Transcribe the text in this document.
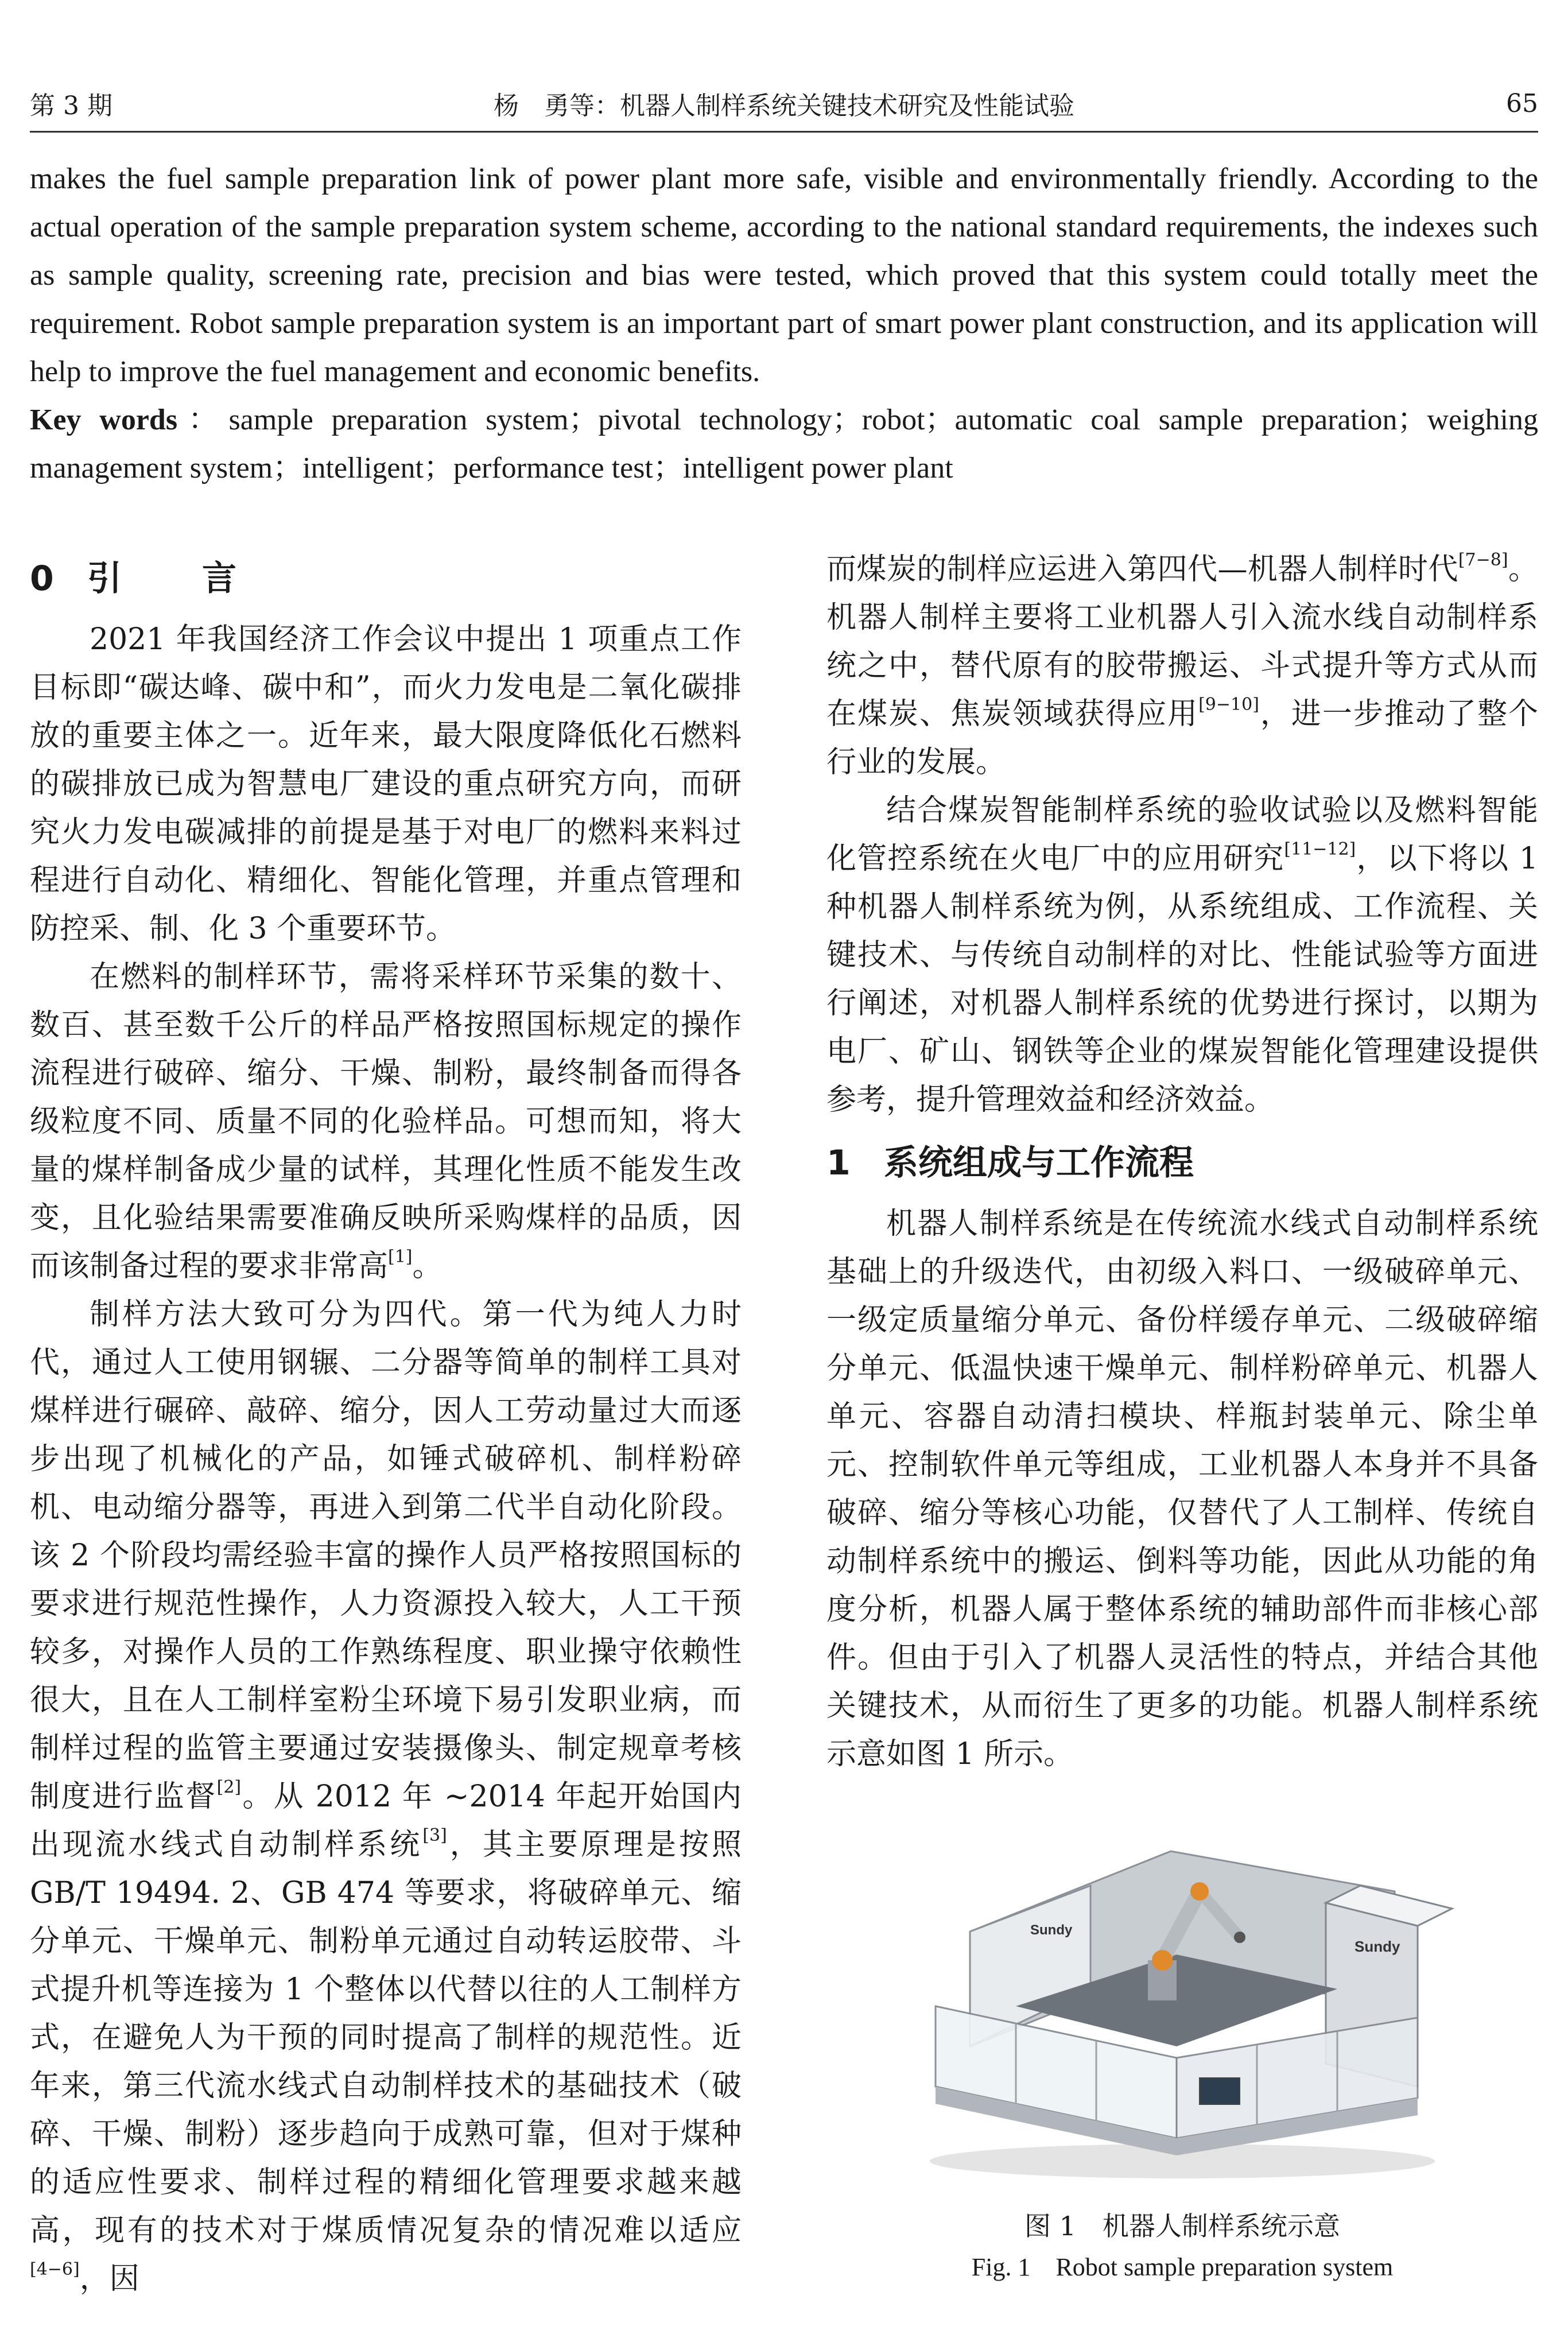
第 3 期	杨　勇等：机器人制样系统关键技术研究及性能试验	65

makes the fuel sample preparation link of power plant more safe, visible and environmentally friendly. According to the actual operation of the sample preparation system scheme, according to the national standard requirements, the indexes such as sample quality, screening rate, precision and bias were tested, which proved that this system could totally meet the requirement. Robot sample preparation system is an important part of smart power plant construction, and its application will help to improve the fuel management and economic benefits.

Key words：sample preparation system；pivotal technology；robot；automatic coal sample preparation；weighing management system；intelligent；performance test；intelligent power plant

0 引言

2021 年我国经济工作会议中提出 1 项重点工作目标即“碳达峰、碳中和”，而火力发电是二氧化碳排放的重要主体之一。近年来，最大限度降低化石燃料的碳排放已成为智慧电厂建设的重点研究方向，而研究火力发电碳减排的前提是基于对电厂的燃料来料过程进行自动化、精细化、智能化管理，并重点管理和防控采、制、化 3 个重要环节。

在燃料的制样环节，需将采样环节采集的数十、数百、甚至数千公斤的样品严格按照国标规定的操作流程进行破碎、缩分、干燥、制粉，最终制备而得各级粒度不同、质量不同的化验样品。可想而知，将大量的煤样制备成少量的试样，其理化性质不能发生改变，且化验结果需要准确反映所采购煤样的品质，因而该制备过程的要求非常高[1]。

制样方法大致可分为四代。第一代为纯人力时代，通过人工使用钢辗、二分器等简单的制样工具对煤样进行碾碎、敲碎、缩分，因人工劳动量过大而逐步出现了机械化的产品，如锤式破碎机、制样粉碎机、电动缩分器等，再进入到第二代半自动化阶段。该 2 个阶段均需经验丰富的操作人员严格按照国标的要求进行规范性操作，人力资源投入较大，人工干预较多，对操作人员的工作熟练程度、职业操守依赖性很大，且在人工制样室粉尘环境下易引发职业病，而制样过程的监管主要通过安装摄像头、制定规章考核制度进行监督[2]。从 2012 年 ~2014 年起开始国内出现流水线式自动制样系统[3]，其主要原理是按照 GB/T 19494. 2、GB 474 等要求，将破碎单元、缩分单元、干燥单元、制粉单元通过自动转运胶带、斗式提升机等连接为 1 个整体以代替以往的人工制样方式，在避免人为干预的同时提高了制样的规范性。近年来，第三代流水线式自动制样技术的基础技术（破碎、干燥、制粉）逐步趋向于成熟可靠，但对于煤种的适应性要求、制样过程的精细化管理要求越来越高，现有的技术对于煤质情况复杂的情况难以适应[4−6]，因

而煤炭的制样应运进入第四代—机器人制样时代[7−8]。机器人制样主要将工业机器人引入流水线自动制样系统之中，替代原有的胶带搬运、斗式提升等方式从而在煤炭、焦炭领域获得应用[9−10]，进一步推动了整个行业的发展。

结合煤炭智能制样系统的验收试验以及燃料智能化管控系统在火电厂中的应用研究[11−12]，以下将以 1 种机器人制样系统为例，从系统组成、工作流程、关键技术、与传统自动制样的对比、性能试验等方面进行阐述，对机器人制样系统的优势进行探讨，以期为电厂、矿山、钢铁等企业的煤炭智能化管理建设提供参考，提升管理效益和经济效益。

1 系统组成与工作流程

机器人制样系统是在传统流水线式自动制样系统基础上的升级迭代，由初级入料口、一级破碎单元、一级定质量缩分单元、备份样缓存单元、二级破碎缩分单元、低温快速干燥单元、制样粉碎单元、机器人单元、容器自动清扫模块、样瓶封装单元、除尘单元、控制软件单元等组成，工业机器人本身并不具备破碎、缩分等核心功能，仅替代了人工制样、传统自动制样系统中的搬运、倒料等功能，因此从功能的角度分析，机器人属于整体系统的辅助部件而非核心部件。但由于引入了机器人灵活性的特点，并结合其他关键技术，从而衍生了更多的功能。机器人制样系统示意如图 1 所示。

Sundy
Sundy
图 1　机器人制样系统示意
Fig. 1　Robot sample preparation system
